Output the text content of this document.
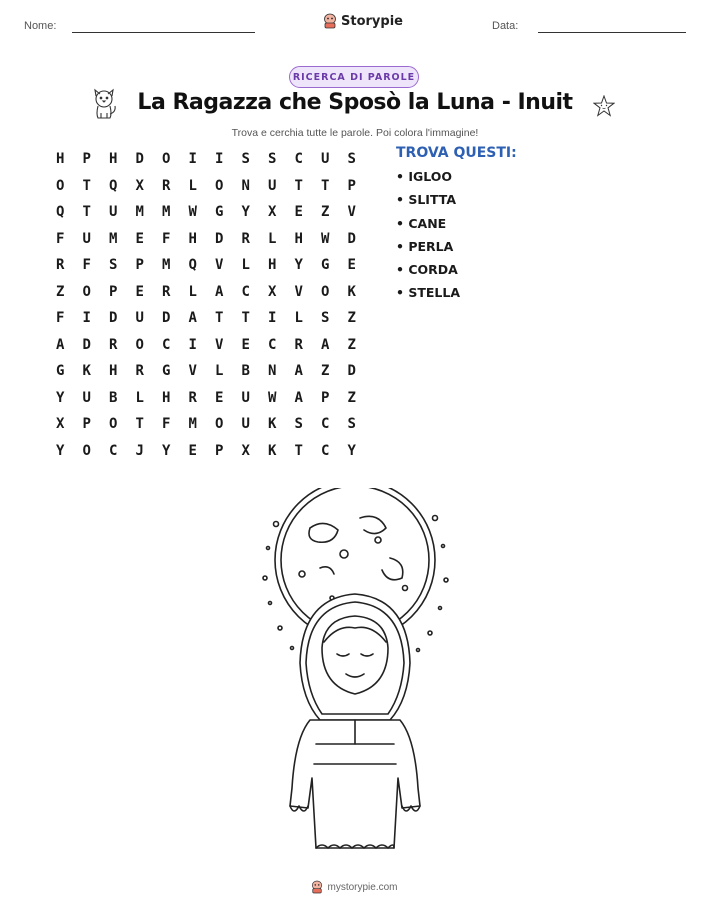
Nome:	Storypie	Data:
RICERCA DI PAROLE
La Ragazza che Sposò la Luna - Inuit
Trova e cerchia tutte le parole. Poi colora l'immagine!
H	P	H	D	O	I	I	S	S	C	U	S
O	T	Q	X	R	L	O	N	U	T	T	P
Q	T	U	M	M	W	G	Y	X	E	Z	V
F	U	M	E	F	H	D	R	L	H	W	D
R	F	S	P	M	Q	V	L	H	Y	G	E
Z	O	P	E	R	L	A	C	X	V	O	K
F	I	D	U	D	A	T	T	I	L	S	Z
A	D	R	O	C	I	V	E	C	R	A	Z
G	K	H	R	G	V	L	B	N	A	Z	D
Y	U	B	L	H	R	E	U	W	A	P	Z
X	P	O	T	F	M	O	U	K	S	C	S
Y	O	C	J	Y	E	P	X	K	T	C	Y
TROVA QUESTI:
• IGLOO
• SLITTA
• CANE
• PERLA
• CORDA
• STELLA
mystorypie.com
